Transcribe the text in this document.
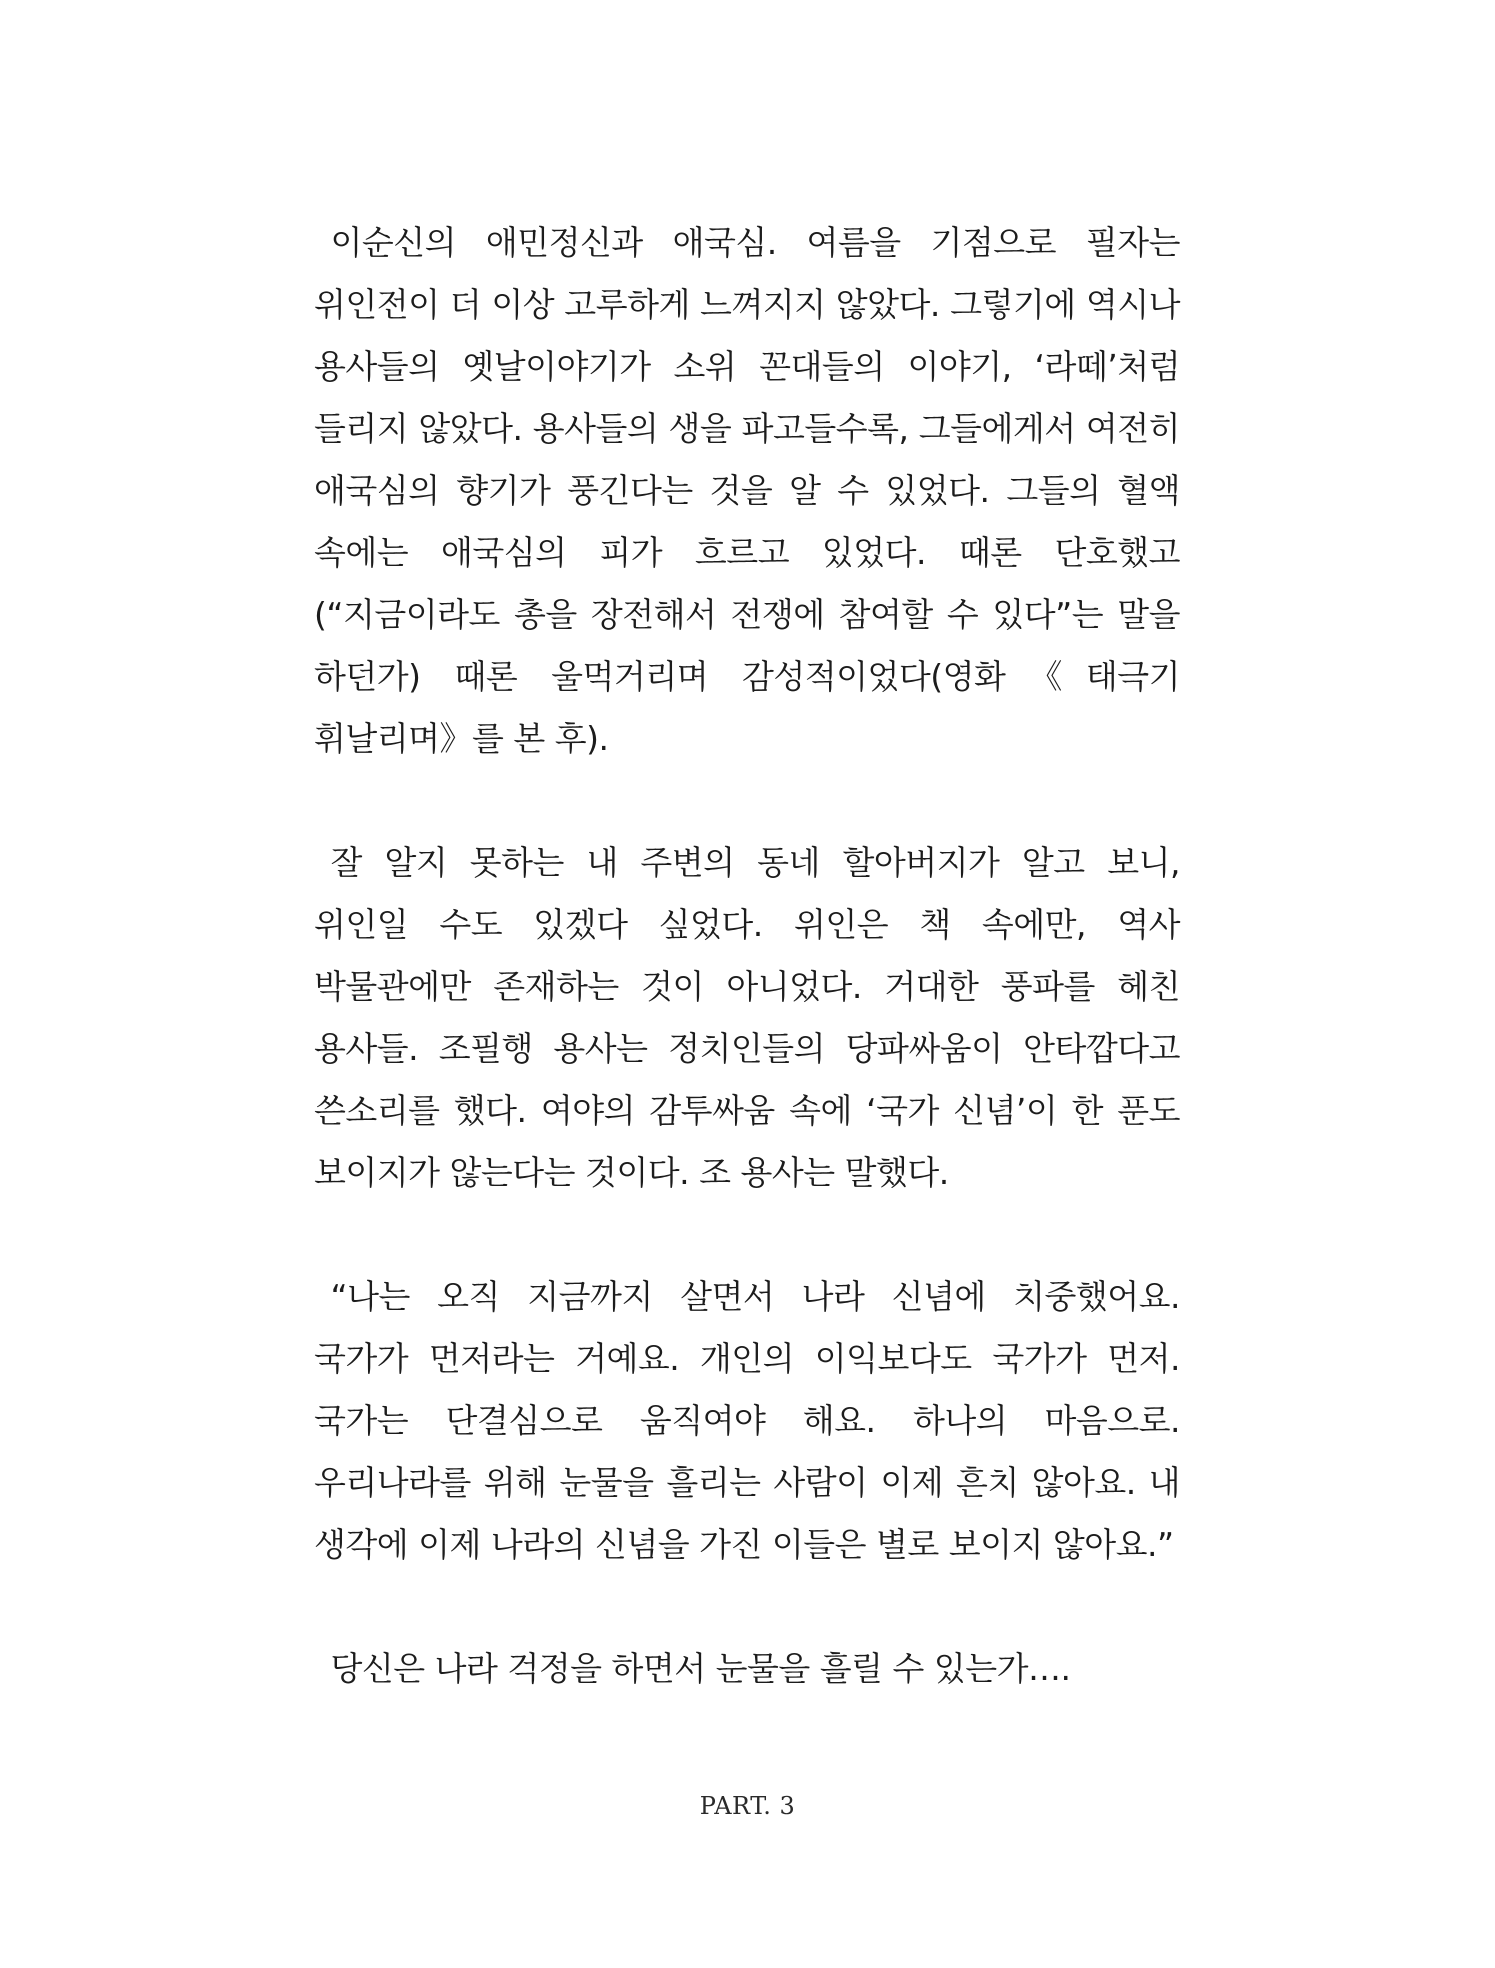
이순신의 애민정신과 애국심. 여름을 기점으로 필자는 위인전이 더 이상 고루하게 느껴지지 않았다. 그렇기에 역시나 용사들의 옛날이야기가 소위 꼰대들의 이야기, ‘라떼’처럼 들리지 않았다. 용사들의 생을 파고들수록, 그들에게서 여전히 애국심의 향기가 풍긴다는 것을 알 수 있었다. 그들의 혈액 속에는 애국심의 피가 흐르고 있었다. 때론 단호했고 (“지금이라도 총을 장전해서 전쟁에 참여할 수 있다”는 말을 하던가) 때론 울먹거리며 감성적이었다(영화《태극기 휘날리며》를 본 후).

잘 알지 못하는 내 주변의 동네 할아버지가 알고 보니, 위인일 수도 있겠다 싶었다. 위인은 책 속에만, 역사 박물관에만 존재하는 것이 아니었다. 거대한 풍파를 헤친 용사들. 조필행 용사는 정치인들의 당파싸움이 안타깝다고 쓴소리를 했다. 여야의 감투싸움 속에 ‘국가 신념’이 한 푼도 보이지가 않는다는 것이다. 조 용사는 말했다.

“나는 오직 지금까지 살면서 나라 신념에 치중했어요. 국가가 먼저라는 거예요. 개인의 이익보다도 국가가 먼저. 국가는 단결심으로 움직여야 해요. 하나의 마음으로. 우리나라를 위해 눈물을 흘리는 사람이 이제 흔치 않아요. 내 생각에 이제 나라의 신념을 가진 이들은 별로 보이지 않아요.”

당신은 나라 걱정을 하면서 눈물을 흘릴 수 있는가….

PART. 3
